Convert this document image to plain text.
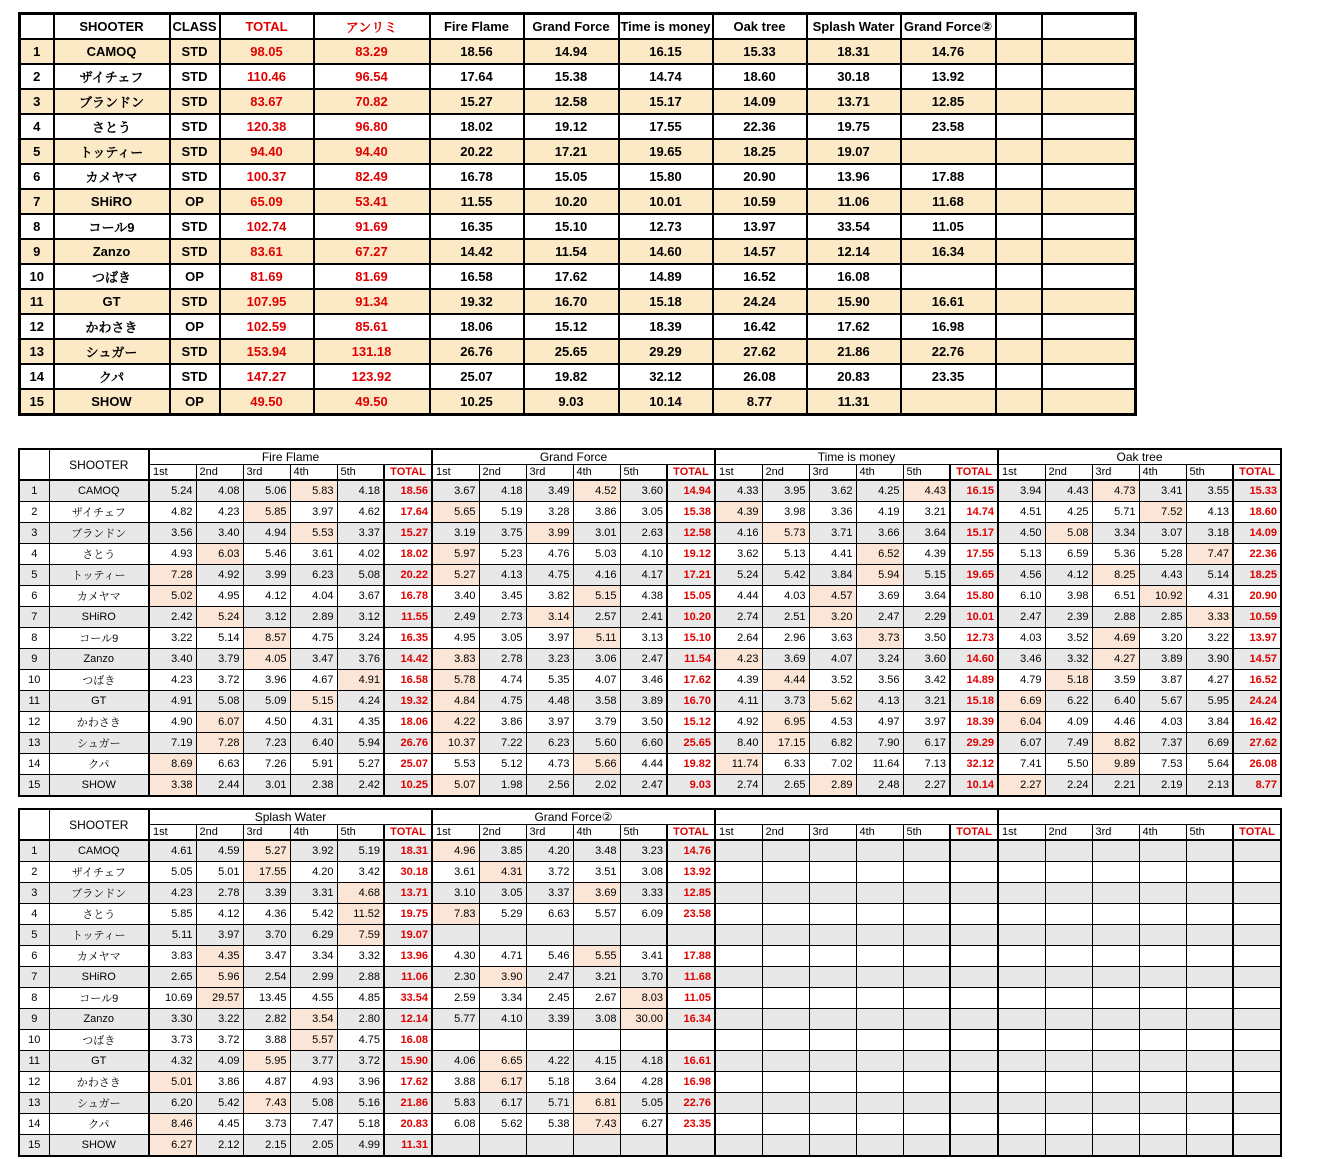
	SHOOTER	CLASS	TOTAL	アンリミ	Fire Flame	Grand Force	Time is money	Oak tree	Splash Water	Grand Force②		
1	CAMOQ	STD	98.05	83.29	18.56	14.94	16.15	15.33	18.31	14.76		
2	ザイチェフ	STD	110.46	96.54	17.64	15.38	14.74	18.60	30.18	13.92		
3	ブランドン	STD	83.67	70.82	15.27	12.58	15.17	14.09	13.71	12.85		
4	さとう	STD	120.38	96.80	18.02	19.12	17.55	22.36	19.75	23.58		
5	トッティー	STD	94.40	94.40	20.22	17.21	19.65	18.25	19.07			
6	カメヤマ	STD	100.37	82.49	16.78	15.05	15.80	20.90	13.96	17.88		
7	SHiRO	OP	65.09	53.41	11.55	10.20	10.01	10.59	11.06	11.68		
8	コール9	STD	102.74	91.69	16.35	15.10	12.73	13.97	33.54	11.05		
9	Zanzo	STD	83.61	67.27	14.42	11.54	14.60	14.57	12.14	16.34		
10	つばき	OP	81.69	81.69	16.58	17.62	14.89	16.52	16.08			
11	GT	STD	107.95	91.34	19.32	16.70	15.18	24.24	15.90	16.61		
12	かわさき	OP	102.59	85.61	18.06	15.12	18.39	16.42	17.62	16.98		
13	シュガー	STD	153.94	131.18	26.76	25.65	29.29	27.62	21.86	22.76		
14	クパ	STD	147.27	123.92	25.07	19.82	32.12	26.08	20.83	23.35		
15	SHOW	OP	49.50	49.50	10.25	9.03	10.14	8.77	11.31			
	SHOOTER	Fire Flame						Grand Force						Time is money						Oak tree					
		1st	2nd	3rd	4th	5th	TOTAL	1st	2nd	3rd	4th	5th	TOTAL	1st	2nd	3rd	4th	5th	TOTAL	1st	2nd	3rd	4th	5th	TOTAL
1	CAMOQ	5.24	4.08	5.06	5.83	4.18	18.56	3.67	4.18	3.49	4.52	3.60	14.94	4.33	3.95	3.62	4.25	4.43	16.15	3.94	4.43	4.73	3.41	3.55	15.33
2	ザイチェフ	4.82	4.23	5.85	3.97	4.62	17.64	5.65	5.19	3.28	3.86	3.05	15.38	4.39	3.98	3.36	4.19	3.21	14.74	4.51	4.25	5.71	7.52	4.13	18.60
3	ブランドン	3.56	3.40	4.94	5.53	3.37	15.27	3.19	3.75	3.99	3.01	2.63	12.58	4.16	5.73	3.71	3.66	3.64	15.17	4.50	5.08	3.34	3.07	3.18	14.09
4	さとう	4.93	6.03	5.46	3.61	4.02	18.02	5.97	5.23	4.76	5.03	4.10	19.12	3.62	5.13	4.41	6.52	4.39	17.55	5.13	6.59	5.36	5.28	7.47	22.36
5	トッティー	7.28	4.92	3.99	6.23	5.08	20.22	5.27	4.13	4.75	4.16	4.17	17.21	5.24	5.42	3.84	5.94	5.15	19.65	4.56	4.12	8.25	4.43	5.14	18.25
6	カメヤマ	5.02	4.95	4.12	4.04	3.67	16.78	3.40	3.45	3.82	5.15	4.38	15.05	4.44	4.03	4.57	3.69	3.64	15.80	6.10	3.98	6.51	10.92	4.31	20.90
7	SHiRO	2.42	5.24	3.12	2.89	3.12	11.55	2.49	2.73	3.14	2.57	2.41	10.20	2.74	2.51	3.20	2.47	2.29	10.01	2.47	2.39	2.88	2.85	3.33	10.59
8	コール9	3.22	5.14	8.57	4.75	3.24	16.35	4.95	3.05	3.97	5.11	3.13	15.10	2.64	2.96	3.63	3.73	3.50	12.73	4.03	3.52	4.69	3.20	3.22	13.97
9	Zanzo	3.40	3.79	4.05	3.47	3.76	14.42	3.83	2.78	3.23	3.06	2.47	11.54	4.23	3.69	4.07	3.24	3.60	14.60	3.46	3.32	4.27	3.89	3.90	14.57
10	つばき	4.23	3.72	3.96	4.67	4.91	16.58	5.78	4.74	5.35	4.07	3.46	17.62	4.39	4.44	3.52	3.56	3.42	14.89	4.79	5.18	3.59	3.87	4.27	16.52
11	GT	4.91	5.08	5.09	5.15	4.24	19.32	4.84	4.75	4.48	3.58	3.89	16.70	4.11	3.73	5.62	4.13	3.21	15.18	6.69	6.22	6.40	5.67	5.95	24.24
12	かわさき	4.90	6.07	4.50	4.31	4.35	18.06	4.22	3.86	3.97	3.79	3.50	15.12	4.92	6.95	4.53	4.97	3.97	18.39	6.04	4.09	4.46	4.03	3.84	16.42
13	シュガー	7.19	7.28	7.23	6.40	5.94	26.76	10.37	7.22	6.23	5.60	6.60	25.65	8.40	17.15	6.82	7.90	6.17	29.29	6.07	7.49	8.82	7.37	6.69	27.62
14	クパ	8.69	6.63	7.26	5.91	5.27	25.07	5.53	5.12	4.73	5.66	4.44	19.82	11.74	6.33	7.02	11.64	7.13	32.12	7.41	5.50	9.89	7.53	5.64	26.08
15	SHOW	3.38	2.44	3.01	2.38	2.42	10.25	5.07	1.98	2.56	2.02	2.47	9.03	2.74	2.65	2.89	2.48	2.27	10.14	2.27	2.24	2.21	2.19	2.13	8.77
	SHOOTER	Splash Water						Grand Force②																	
		1st	2nd	3rd	4th	5th	TOTAL	1st	2nd	3rd	4th	5th	TOTAL	1st	2nd	3rd	4th	5th	TOTAL	1st	2nd	3rd	4th	5th	TOTAL
1	CAMOQ	4.61	4.59	5.27	3.92	5.19	18.31	4.96	3.85	4.20	3.48	3.23	14.76												
2	ザイチェフ	5.05	5.01	17.55	4.20	3.42	30.18	3.61	4.31	3.72	3.51	3.08	13.92												
3	ブランドン	4.23	2.78	3.39	3.31	4.68	13.71	3.10	3.05	3.37	3.69	3.33	12.85												
4	さとう	5.85	4.12	4.36	5.42	11.52	19.75	7.83	5.29	6.63	5.57	6.09	23.58												
5	トッティー	5.11	3.97	3.70	6.29	7.59	19.07																		
6	カメヤマ	3.83	4.35	3.47	3.34	3.32	13.96	4.30	4.71	5.46	5.55	3.41	17.88												
7	SHiRO	2.65	5.96	2.54	2.99	2.88	11.06	2.30	3.90	2.47	3.21	3.70	11.68												
8	コール9	10.69	29.57	13.45	4.55	4.85	33.54	2.59	3.34	2.45	2.67	8.03	11.05												
9	Zanzo	3.30	3.22	2.82	3.54	2.80	12.14	5.77	4.10	3.39	3.08	30.00	16.34												
10	つばき	3.73	3.72	3.88	5.57	4.75	16.08																		
11	GT	4.32	4.09	5.95	3.77	3.72	15.90	4.06	6.65	4.22	4.15	4.18	16.61												
12	かわさき	5.01	3.86	4.87	4.93	3.96	17.62	3.88	6.17	5.18	3.64	4.28	16.98												
13	シュガー	6.20	5.42	7.43	5.08	5.16	21.86	5.83	6.17	5.71	6.81	5.05	22.76												
14	クパ	8.46	4.45	3.73	7.47	5.18	20.83	6.08	5.62	5.38	7.43	6.27	23.35												
15	SHOW	6.27	2.12	2.15	2.05	4.99	11.31																		
